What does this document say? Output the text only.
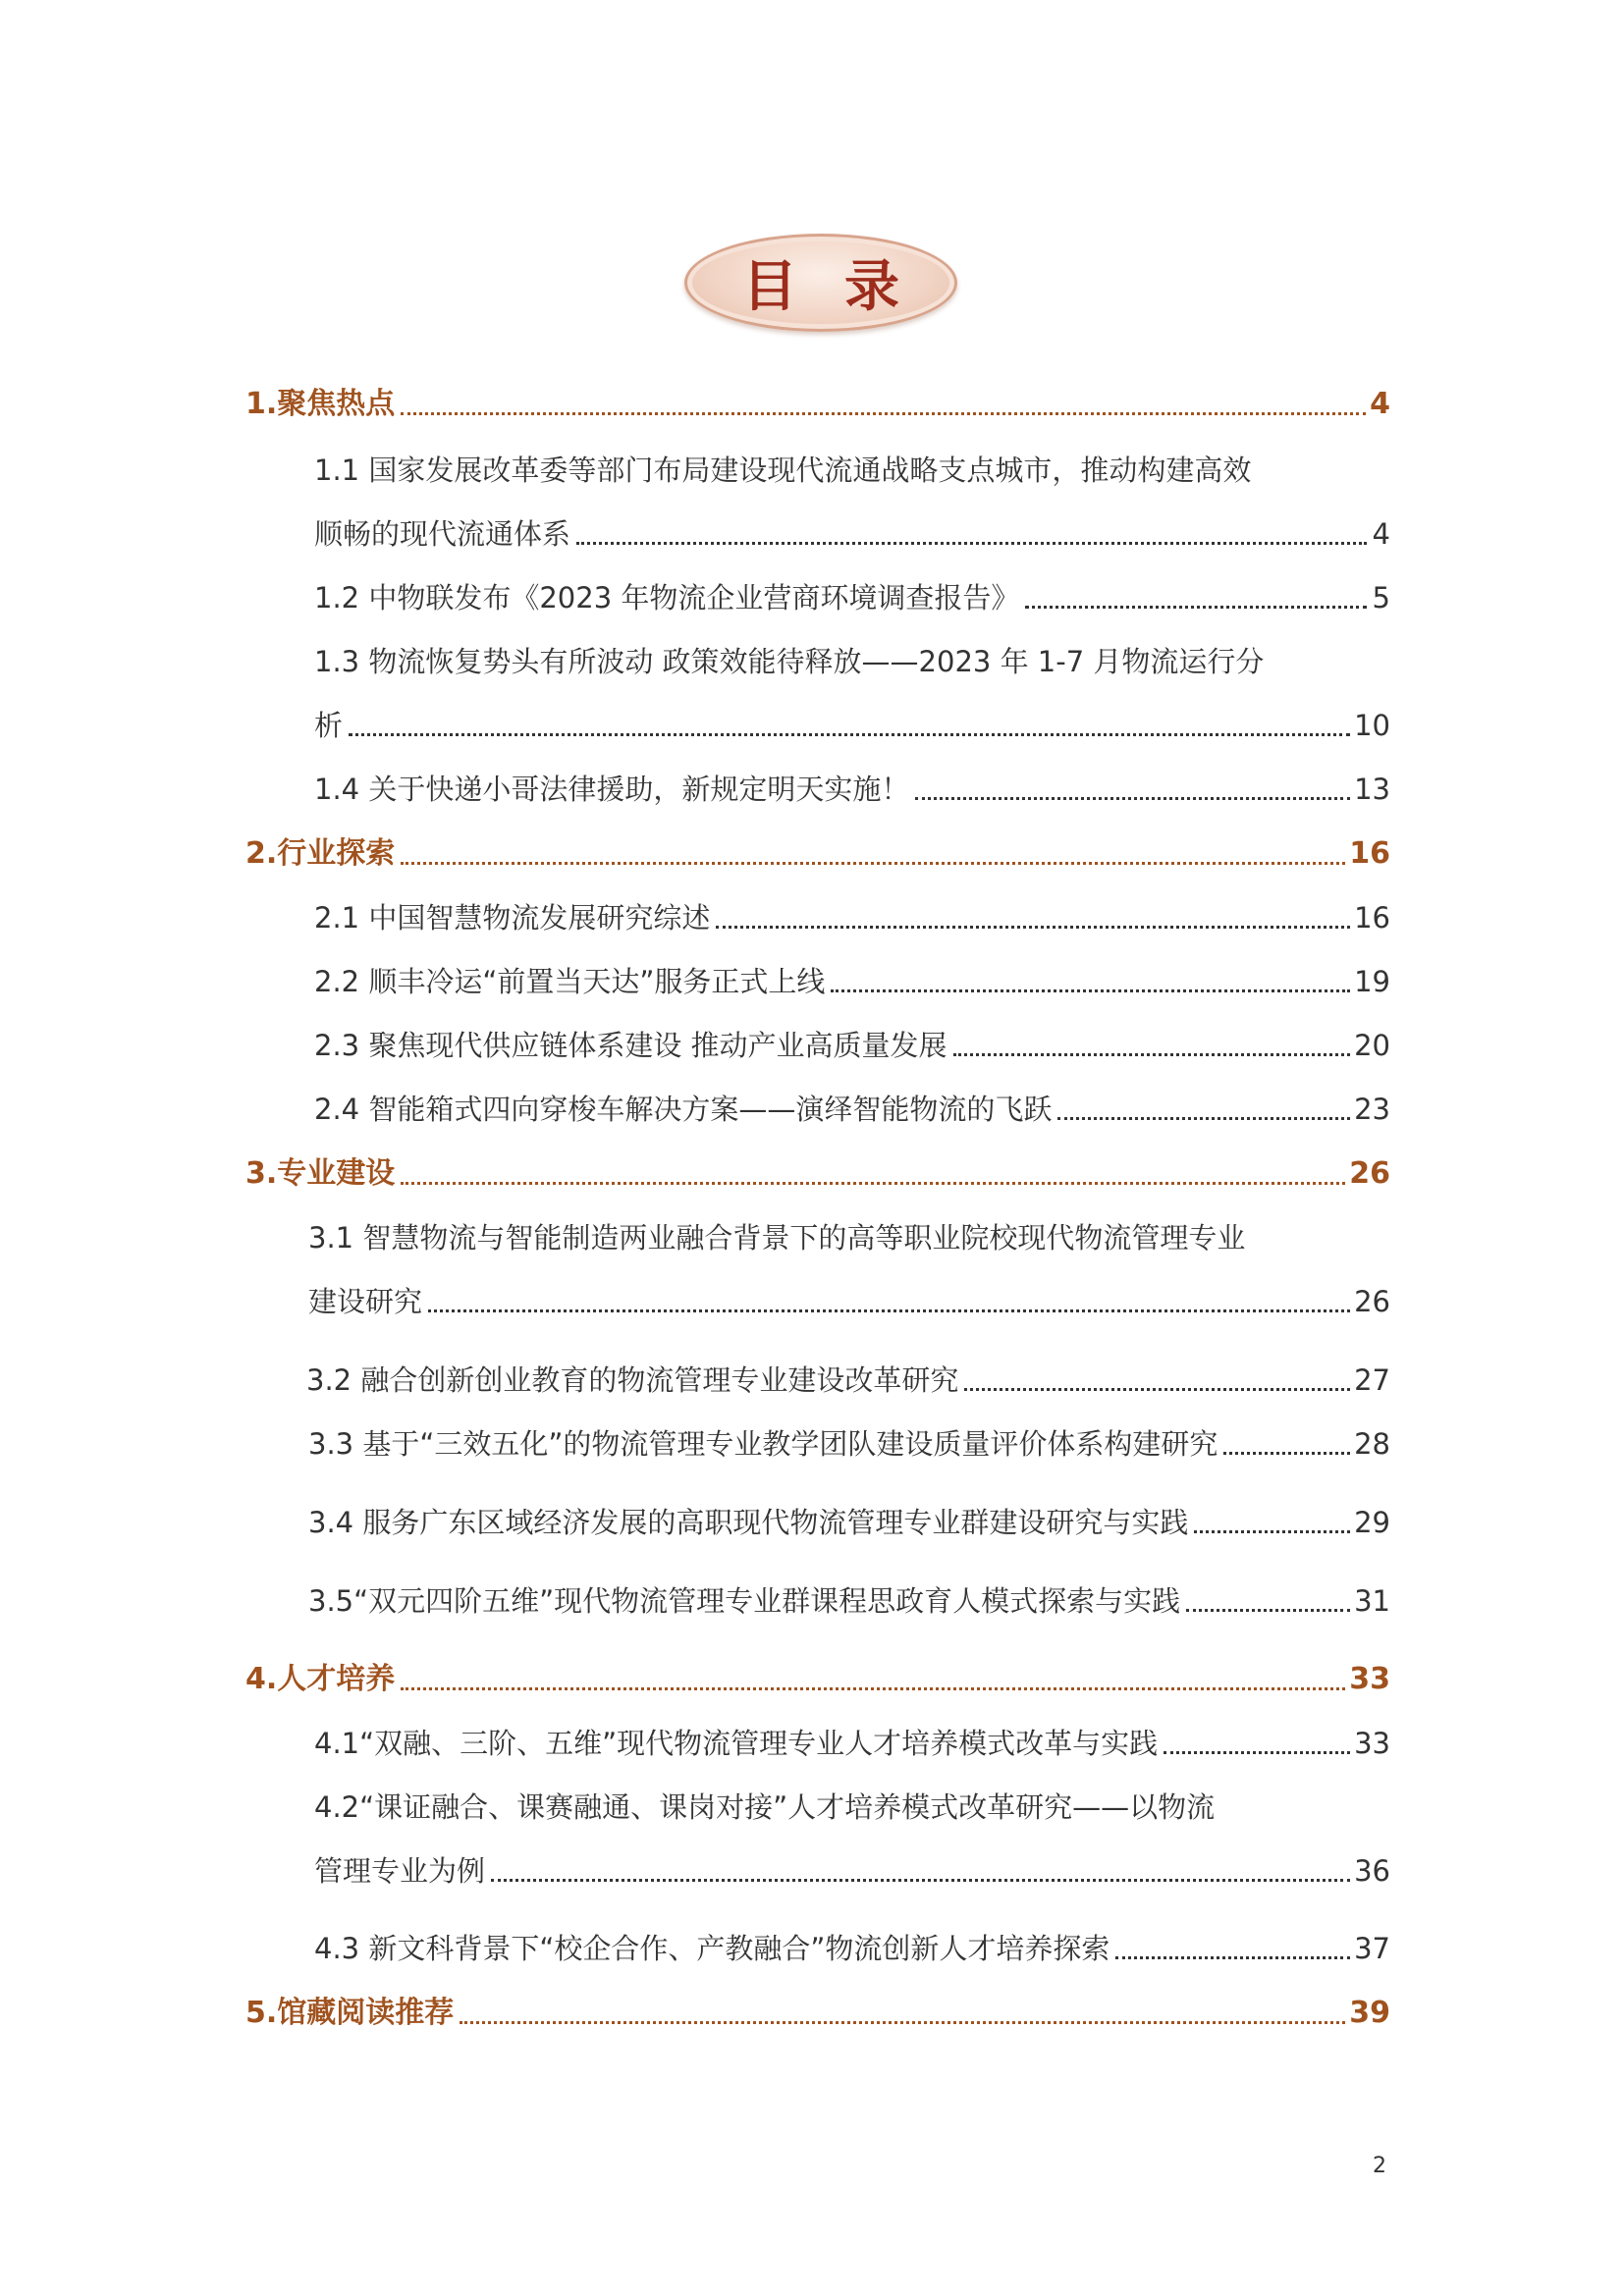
目录
1.聚焦热点	4
1.1 国家发展改革委等部门布局建设现代流通战略支点城市，推动构建高效
顺畅的现代流通体系	4
1.2 中物联发布《2023 年物流企业营商环境调查报告》	5
1.3 物流恢复势头有所波动 政策效能待释放——2023 年 1-7 月物流运行分
析	10
1.4 关于快递小哥法律援助，新规定明天实施！	13
2.行业探索	16
2.1 中国智慧物流发展研究综述	16
2.2 顺丰冷运“前置当天达”服务正式上线	19
2.3 聚焦现代供应链体系建设 推动产业高质量发展	20
2.4 智能箱式四向穿梭车解决方案——演绎智能物流的飞跃	23
3.专业建设	26
3.1 智慧物流与智能制造两业融合背景下的高等职业院校现代物流管理专业
建设研究	26
3.2 融合创新创业教育的物流管理专业建设改革研究	27
3.3 基于“三效五化”的物流管理专业教学团队建设质量评价体系构建研究	28
3.4 服务广东区域经济发展的高职现代物流管理专业群建设研究与实践	29
3.5“双元四阶五维”现代物流管理专业群课程思政育人模式探索与实践	31
4.人才培养	33
4.1“双融、三阶、五维”现代物流管理专业人才培养模式改革与实践	33
4.2“课证融合、课赛融通、课岗对接”人才培养模式改革研究——以物流
管理专业为例	36
4.3 新文科背景下“校企合作、产教融合”物流创新人才培养探索	37
5.馆藏阅读推荐	39
2
